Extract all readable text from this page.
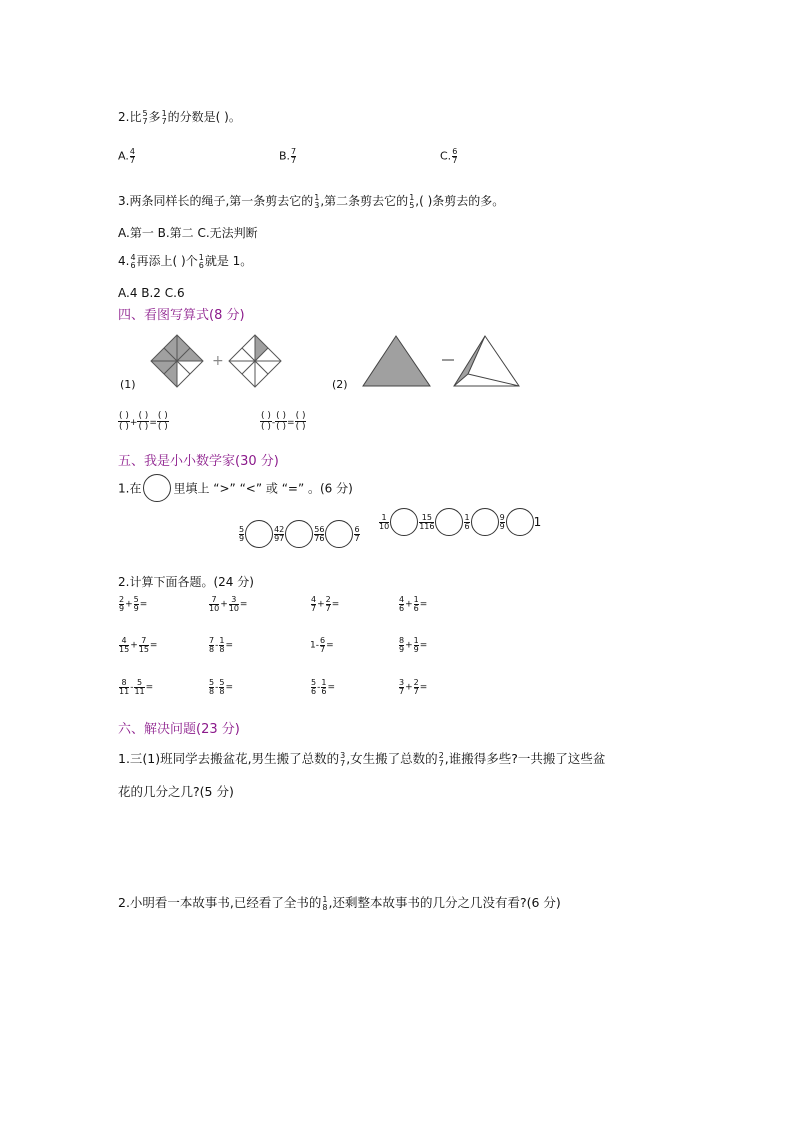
2.比 5
7 多 1
7 的分数是( )。
A. $\frac{4}{7}$	B. $\frac{7}{7}$	C. $\frac{6}{7}$
3.两条同样长的绳子,第一条剪去它的 1
3 ,第二条剪去它的 1
5 ,( )条剪去的多。
A.第一 B.第二 C.无法判断
4. 4
6 再添上( )个 1
6 就是 1。
A.4 B.2 C.6
四、看图写算式(8 分)
+
(1)	(2)
( )
( ) +
( )
( ) =
( )
( )
( )
( ) -
( )
( ) =
( )
( )
五、我是小小数学家(30 分)
1.在	里填上 “>” “<” 或 “=” 。(6 分)
$\frac{5}{9}$	$\frac{42}{97}$	$\frac{56}{76}$	$\frac{6}{7}$
$\frac{1}{10}$	$\frac{15}{116}$	$\frac{1}{6}$	$\frac{9}{9} 1$
2.计算下面各题。(24 分)
$\frac{2}{9} + \frac{5}{9}$ =	$\frac{7}{10} + \frac{3}{10}$ =	$\frac{4}{7} + \frac{2}{7}$ =	$\frac{4}{6} + \frac{1}{6}$ =
$\frac{4}{15} + \frac{7}{15}$ =	$\frac{7}{8} - \frac{1}{8}$ =	$1- \frac{6}{7}$ =	$\frac{8}{9} + \frac{1}{9}$ =
$\frac{8}{11} - \frac{5}{11}$ =	$\frac{5}{8} - \frac{5}{8}$ =	$\frac{5}{6} - \frac{1}{6}$ =	$\frac{3}{7} + \frac{2}{7}$ =
六、解决问题(23 分)
1.三(1)班同学去搬盆花,男生搬了总数的 3
7 ,女生搬了总数的 2
7 ,谁搬得多些?一共搬了这些盆
花的几分之几?(5 分)
2.小明看一本故事书,已经看了全书的 1
8 ,还剩整本故事书的几分之几没有看?(6 分)
